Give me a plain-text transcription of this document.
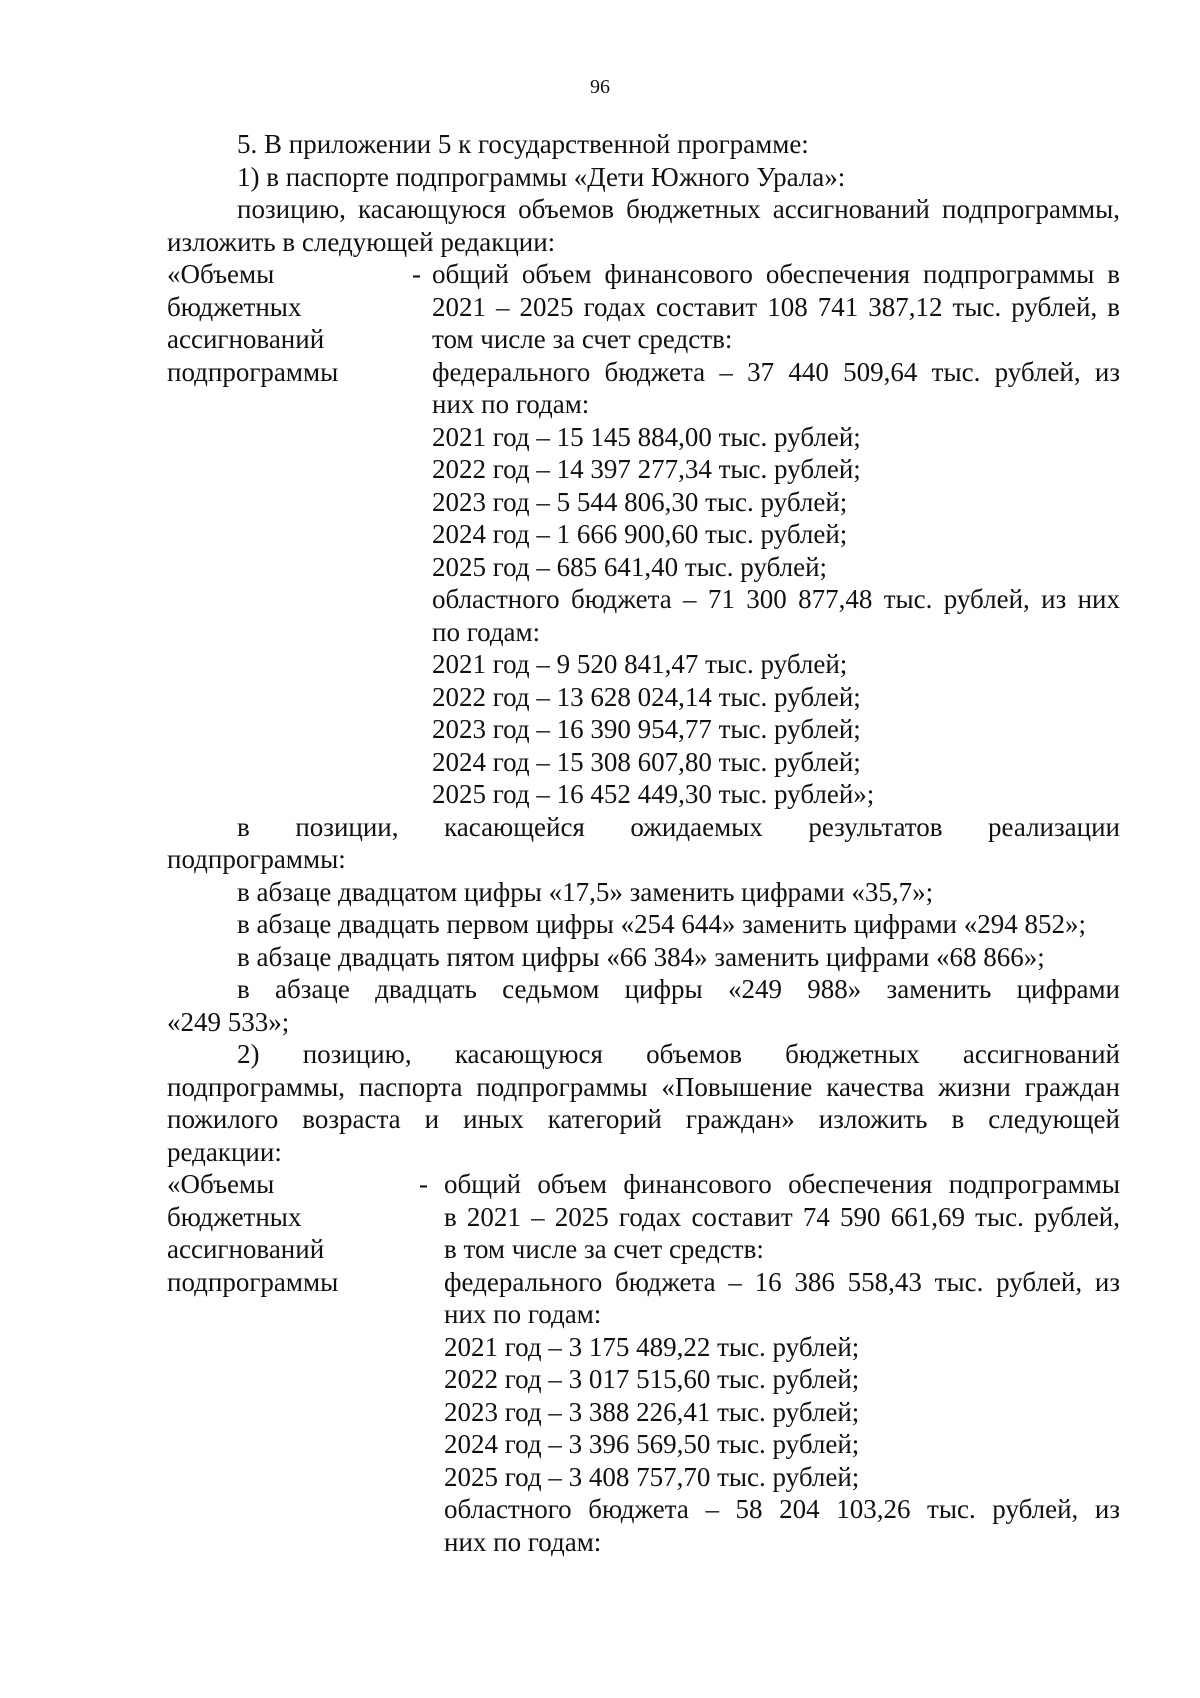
96

5. В приложении 5 к государственной программе:

1) в паспорте подпрограммы «Дети Южного Урала»:

позицию, касающуюся объемов бюджетных ассигнований подпрограммы,

изложить в следующей редакции:

«Объемы
бюджетных
ассигнований
подпрограммы
- общий объем финансового обеспечения подпрограммы в
2021 – 2025 годах составит 108 741 387,12 тыс. рублей, в
том числе за счет средств:
федерального бюджета – 37 440 509,64 тыс. рублей, из
них по годам:
2021 год – 15 145 884,00 тыс. рублей;
2022 год – 14 397 277,34 тыс. рублей;
2023 год – 5 544 806,30 тыс. рублей;
2024 год – 1 666 900,60 тыс. рублей;
2025 год – 685 641,40 тыс. рублей;
областного бюджета – 71 300 877,48 тыс. рублей, из них
по годам:
2021 год – 9 520 841,47 тыс. рублей;
2022 год – 13 628 024,14 тыс. рублей;
2023 год – 16 390 954,77 тыс. рублей;
2024 год – 15 308 607,80 тыс. рублей;
2025 год – 16 452 449,30 тыс. рублей»;

в позиции, касающейся ожидаемых результатов реализации

подпрограммы:

в абзаце двадцатом цифры «17,5» заменить цифрами «35,7»;

в абзаце двадцать первом цифры «254 644» заменить цифрами «294 852»;

в абзаце двадцать пятом цифры «66 384» заменить цифрами «68 866»;

в абзаце двадцать седьмом цифры «249 988» заменить цифрами

«249 533»;

2) позицию, касающуюся объемов бюджетных ассигнований

подпрограммы, паспорта подпрограммы «Повышение качества жизни граждан

пожилого возраста и иных категорий граждан» изложить в следующей

редакции:

«Объемы
бюджетных
ассигнований
подпрограммы
- общий объем финансового обеспечения подпрограммы
в 2021 – 2025 годах составит 74 590 661,69 тыс. рублей,
в том числе за счет средств:
федерального бюджета – 16 386 558,43 тыс. рублей, из
них по годам:
2021 год – 3 175 489,22 тыс. рублей;
2022 год – 3 017 515,60 тыс. рублей;
2023 год – 3 388 226,41 тыс. рублей;
2024 год – 3 396 569,50 тыс. рублей;
2025 год – 3 408 757,70 тыс. рублей;
областного бюджета – 58 204 103,26 тыс. рублей, из
них по годам:
